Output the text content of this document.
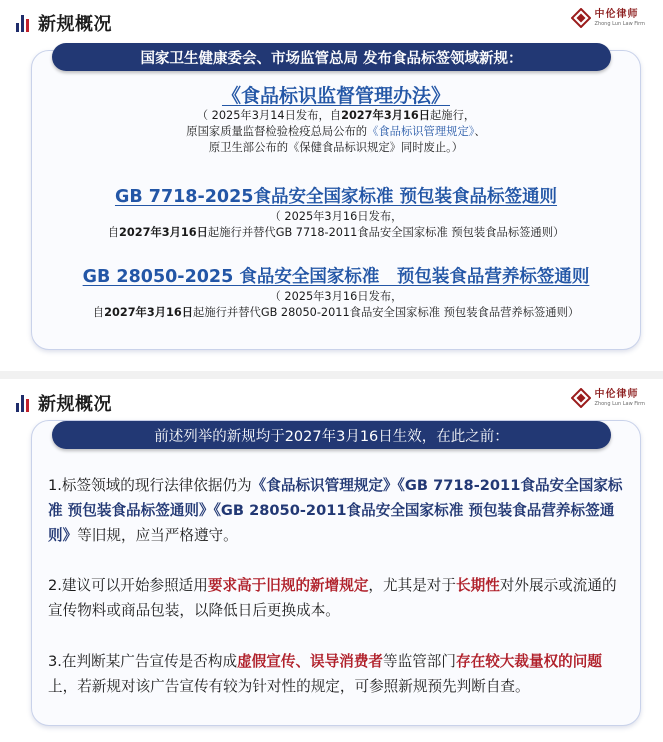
新规概况	中伦律师
Zhong Lun Law Firm
国家卫生健康委会、市场监管总局 发布食品标签领域新规：
《食品标识监督管理办法》
（ 2025年3月14日发布，自2027年3月16日起施行，
原国家质量监督检验检疫总局公布的《食品标识管理规定》、
原卫生部公布的《保健食品标识规定》同时废止。）
GB 7718-2025食品安全国家标准 预包装食品标签通则
（ 2025年3月16日发布，
自2027年3月16日起施行并替代GB 7718-2011食品安全国家标准 预包装食品标签通则）
GB 28050-2025 食品安全国家标准　预包装食品营养标签通则
（ 2025年3月16日发布，
自2027年3月16日起施行并替代GB 28050-2011食品安全国家标准 预包装食品营养标签通则）
新规概况	中伦律师
Zhong Lun Law Firm
前述列举的新规均于2027年3月16日生效，在此之前：
1.标签领域的现行法律依据仍为《食品标识管理规定》《GB 7718-2011食品安全国家标准 预包装食品标签通则》《GB 28050-2011食品安全国家标准 预包装食品营养标签通则》等旧规，应当严格遵守。
2.建议可以开始参照适用要求高于旧规的新增规定，尤其是对于长期性对外展示或流通的宣传物料或商品包装，以降低日后更换成本。
3.在判断某广告宣传是否构成虚假宣传、误导消费者等监管部门存在较大裁量权的问题上，若新规对该广告宣传有较为针对性的规定，可参照新规预先判断自查。
